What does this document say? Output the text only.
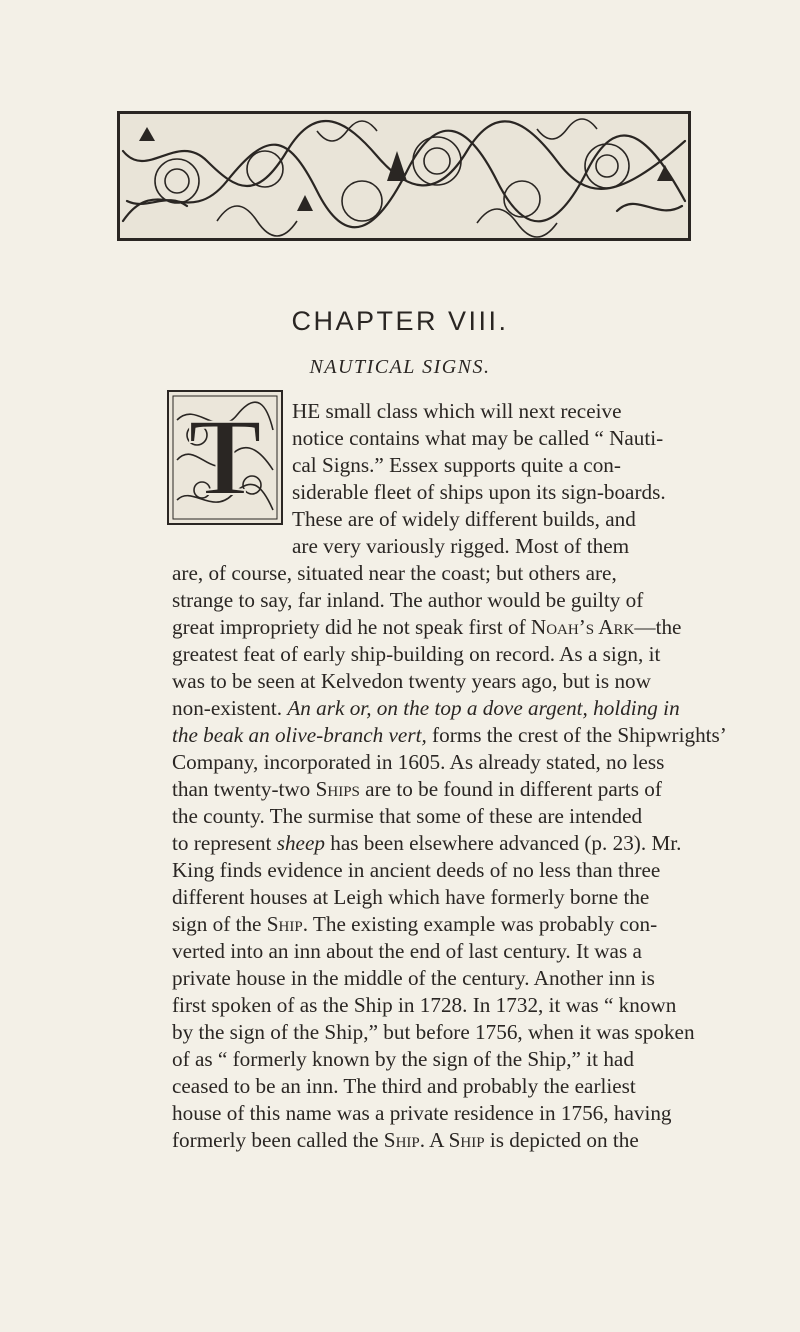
CHAPTER VIII.
NAUTICAL SIGNS.
T HE small class which will next receive
notice contains what may be called “ Nauti-
cal Signs.” Essex supports quite a con-
siderable fleet of ships upon its sign-boards.
These are of widely different builds, and
are very variously rigged. Most of them
are, of course, situated near the coast; but others are,
strange to say, far inland. The author would be guilty of
great impropriety did he not speak first of Noah’s Ark—the
greatest feat of early ship-building on record. As a sign, it
was to be seen at Kelvedon twenty years ago, but is now
non-existent. An ark or, on the top a dove argent, holding in
the beak an olive-branch vert, forms the crest of the Shipwrights’
Company, incorporated in 1605. As already stated, no less
than twenty-two Ships are to be found in different parts of
the county. The surmise that some of these are intended
to represent sheep has been elsewhere advanced (p. 23). Mr.
King finds evidence in ancient deeds of no less than three
different houses at Leigh which have formerly borne the
sign of the Ship. The existing example was probably con-
verted into an inn about the end of last century. It was a
private house in the middle of the century. Another inn is
first spoken of as the Ship in 1728. In 1732, it was “ known
by the sign of the Ship,” but before 1756, when it was spoken
of as “ formerly known by the sign of the Ship,” it had
ceased to be an inn. The third and probably the earliest
house of this name was a private residence in 1756, having
formerly been called the Ship. A Ship is depicted on the
